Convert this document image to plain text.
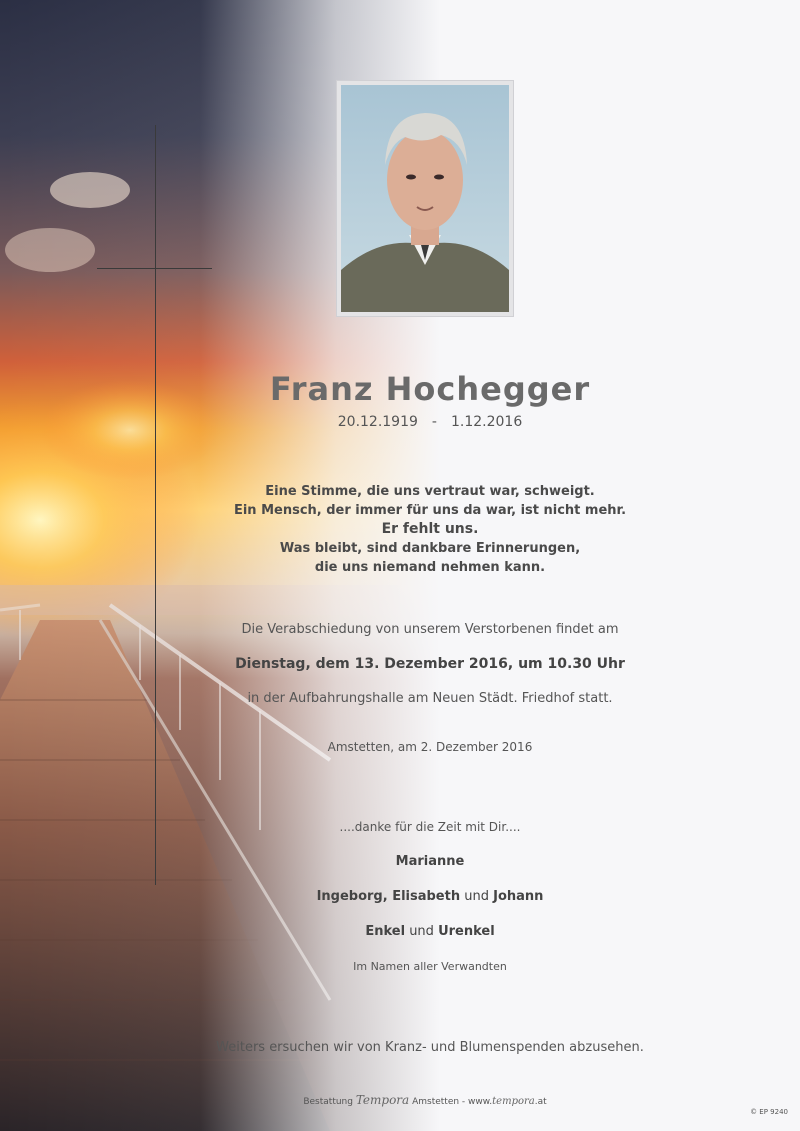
Franz Hochegger
20.12.1919 - 1.12.2016
Eine Stimme, die uns vertraut war, schweigt.
Ein Mensch, der immer für uns da war, ist nicht mehr.
Er fehlt uns.
Was bleibt, sind dankbare Erinnerungen,
die uns niemand nehmen kann.
Die Verabschiedung von unserem Verstorbenen findet am
Dienstag, dem 13. Dezember 2016, um 10.30 Uhr
in der Aufbahrungshalle am Neuen Städt. Friedhof statt.
Amstetten, am 2. Dezember 2016
....danke für die Zeit mit Dir....
Marianne
Ingeborg, Elisabeth und Johann
Enkel und Urenkel
Im Namen aller Verwandten
Weiters ersuchen wir von Kranz- und Blumenspenden abzusehen.
Bestattung Tempora Amstetten - www.tempora.at
© EP 9240
